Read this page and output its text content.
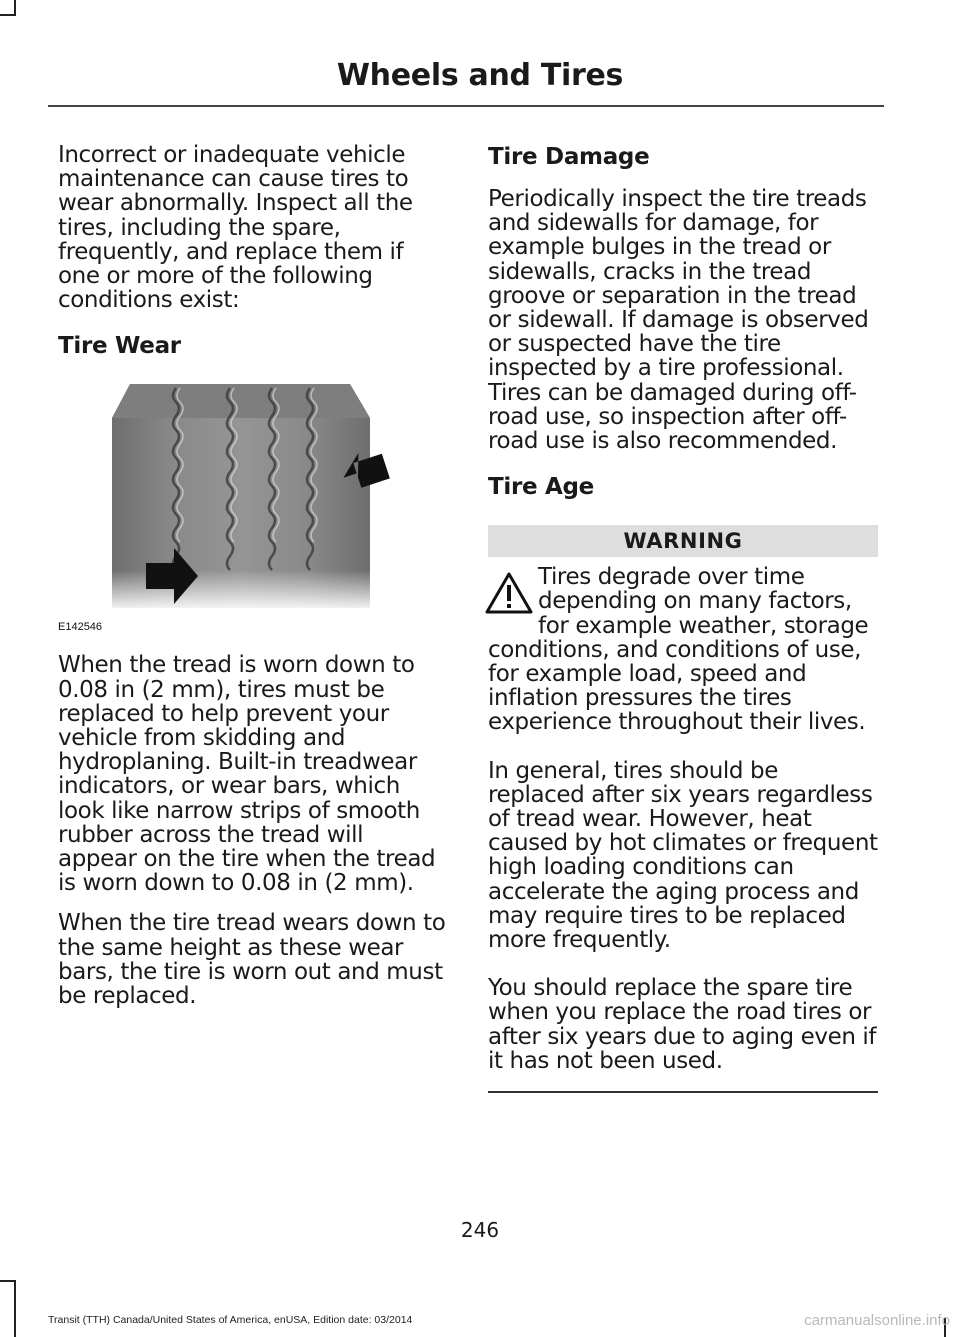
Wheels and Tires

Incorrect or inadequate vehicle maintenance can cause tires to wear abnormally. Inspect all the tires, including the spare, frequently, and replace them if one or more of the following conditions exist:

Tire Wear
E142546

When the tread is worn down to 0.08 in (2 mm), tires must be replaced to help prevent your vehicle from skidding and hydroplaning. Built-in treadwear indicators, or wear bars, which look like narrow strips of smooth rubber across the tread will appear on the tire when the tread is worn down to 0.08 in (2 mm).

When the tire tread wears down to the same height as these wear bars, the tire is worn out and must be replaced.

Tire Damage

Periodically inspect the tire treads and sidewalls for damage, for example bulges in the tread or sidewalls, cracks in the tread groove or separation in the tread or sidewall. If damage is observed or suspected have the tire inspected by a tire professional. Tires can be damaged during off-road use, so inspection after off-road use is also recommended.

Tire Age
WARNING

Tires degrade over time depending on many factors, for example weather, storage conditions, and conditions of use, for example load, speed and inflation pressures the tires experience throughout their lives.

In general, tires should be replaced after six years regardless of tread wear. However, heat caused by hot climates or frequent high loading conditions can accelerate the aging process and may require tires to be replaced more frequently.

You should replace the spare tire when you replace the road tires or after six years due to aging even if it has not been used.

246
Transit (TTH) Canada/United States of America, enUSA, Edition date: 03/2014	carmanualsonline.info
